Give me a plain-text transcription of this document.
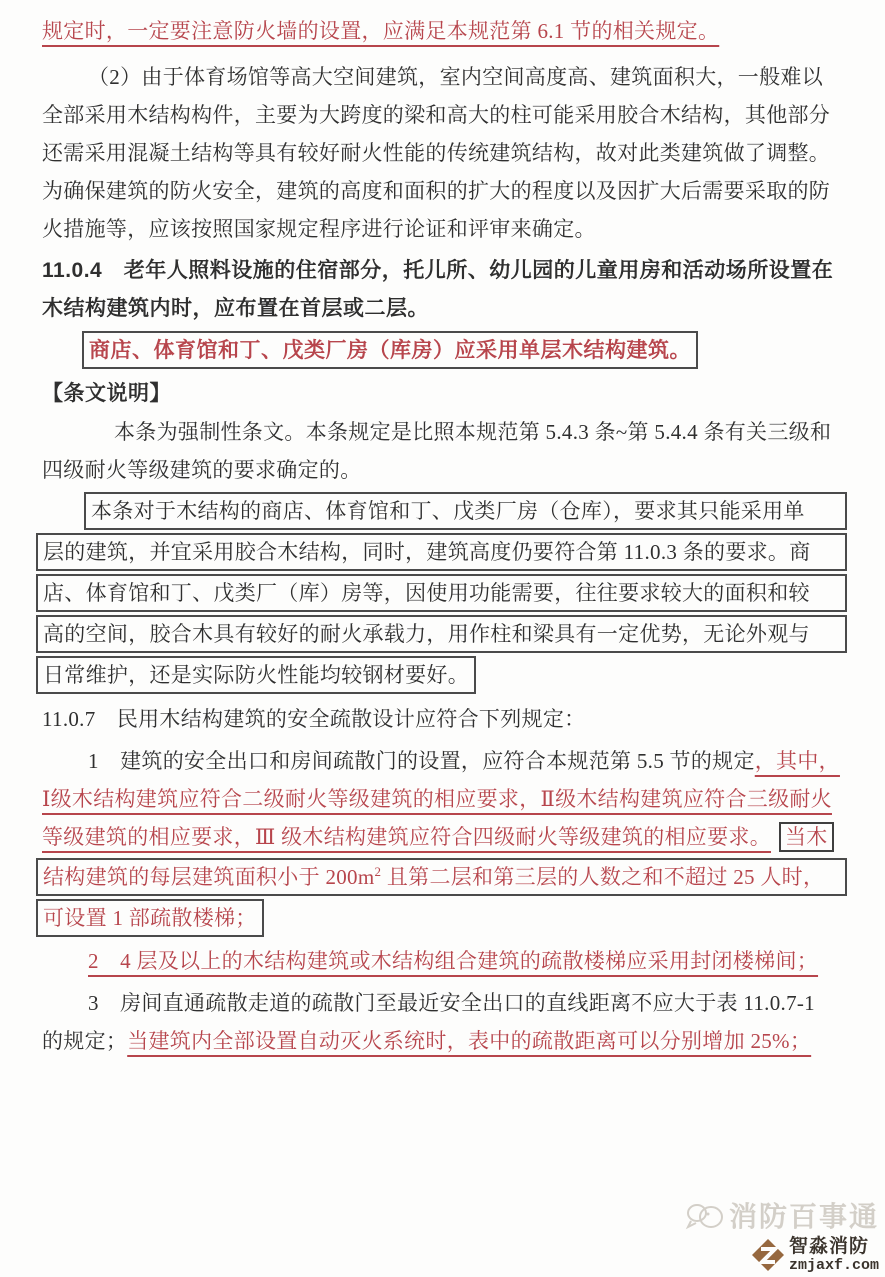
规定时，一定要注意防火墙的设置，应满足本规范第 6.1 节的相关规定。
（2）由于体育场馆等高大空间建筑，室内空间高度高、建筑面积大，一般难以
全部采用木结构构件，主要为大跨度的梁和高大的柱可能采用胶合木结构，其他部分
还需采用混凝土结构等具有较好耐火性能的传统建筑结构，故对此类建筑做了调整。
为确保建筑的防火安全，建筑的高度和面积的扩大的程度以及因扩大后需要采取的防
火措施等，应该按照国家规定程序进行论证和评审来确定。
11.0.4　老年人照料设施的住宿部分，托儿所、幼儿园的儿童用房和活动场所设置在
木结构建筑内时，应布置在首层或二层。
商店、体育馆和丁、戊类厂房（库房）应采用单层木结构建筑。
【条文说明】
本条为强制性条文。本条规定是比照本规范第 5.4.3 条~第 5.4.4 条有关三级和
四级耐火等级建筑的要求确定的。
本条对于木结构的商店、体育馆和丁、戊类厂房（仓库），要求其只能采用单
层的建筑，并宜采用胶合木结构，同时，建筑高度仍要符合第 11.0.3 条的要求。商
店、体育馆和丁、戊类厂（库）房等，因使用功能需要，往往要求较大的面积和较
高的空间，胶合木具有较好的耐火承载力，用作柱和梁具有一定优势，无论外观与
日常维护，还是实际防火性能均较钢材要好。
11.0.7　民用木结构建筑的安全疏散设计应符合下列规定：
1　建筑的安全出口和房间疏散门的设置，应符合本规范第 5.5 节的规定，其中，
Ⅰ级木结构建筑应符合二级耐火等级建筑的相应要求，Ⅱ级木结构建筑应符合三级耐火
等级建筑的相应要求，Ⅲ 级木结构建筑应符合四级耐火等级建筑的相应要求。 当木
结构建筑的每层建筑面积小于 $200m^2$ 且第二层和第三层的人数之和不超过 25 人时，
可设置 1 部疏散楼梯；
2　4 层及以上的木结构建筑或木结构组合建筑的疏散楼梯应采用封闭楼梯间；
3　房间直通疏散走道的疏散门至最近安全出口的直线距离不应大于表 11.0.7-1
的规定；当建筑内全部设置自动灭火系统时，表中的疏散距离可以分别增加 25%；
消防百事通
智淼消防
zmjaxf.com
